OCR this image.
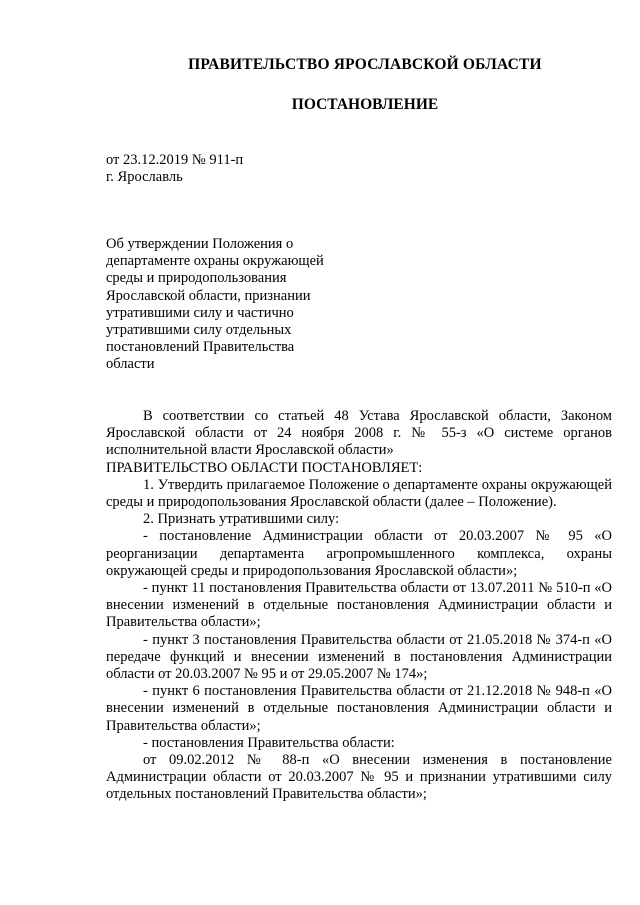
ПРАВИТЕЛЬСТВО ЯРОСЛАВСКОЙ ОБЛАСТИ
ПОСТАНОВЛЕНИЕ
от 23.12.2019 № 911-п
г. Ярославль
Об утверждении Положения о
департаменте охраны окружающей
среды и природопользования
Ярославской области, признании
утратившими силу и частично
утратившими силу отдельных
постановлений Правительства
области

В соответствии со статьей 48 Устава Ярославской области, Законом Ярославской области от 24 ноября 2008 г. № 55-з «О системе органов исполнительной власти Ярославской области»

ПРАВИТЕЛЬСТВО ОБЛАСТИ ПОСТАНОВЛЯЕТ:

1. Утвердить прилагаемое Положение о департаменте охраны окружающей среды и природопользования Ярославской области (далее – Положение).

2. Признать утратившими силу:

- постановление Администрации области от 20.03.2007 № 95 «О реорганизации департамента агропромышленного комплекса, охраны окружающей среды и природопользования Ярославской области»;

- пункт 11 постановления Правительства области от 13.07.2011 № 510-п «О внесении изменений в отдельные постановления Администрации области и Правительства области»;

- пункт 3 постановления Правительства области от 21.05.2018 № 374-п «О передаче функций и внесении изменений в постановления Администрации области от 20.03.2007 № 95 и от 29.05.2007 № 174»;

- пункт 6 постановления Правительства области от 21.12.2018 № 948-п «О внесении изменений в отдельные постановления Администрации области и Правительства области»;

- постановления Правительства области:

от 09.02.2012 № 88-п «О внесении изменения в постановление Администрации области от 20.03.2007 № 95 и признании утратившими силу отдельных постановлений Правительства области»;
